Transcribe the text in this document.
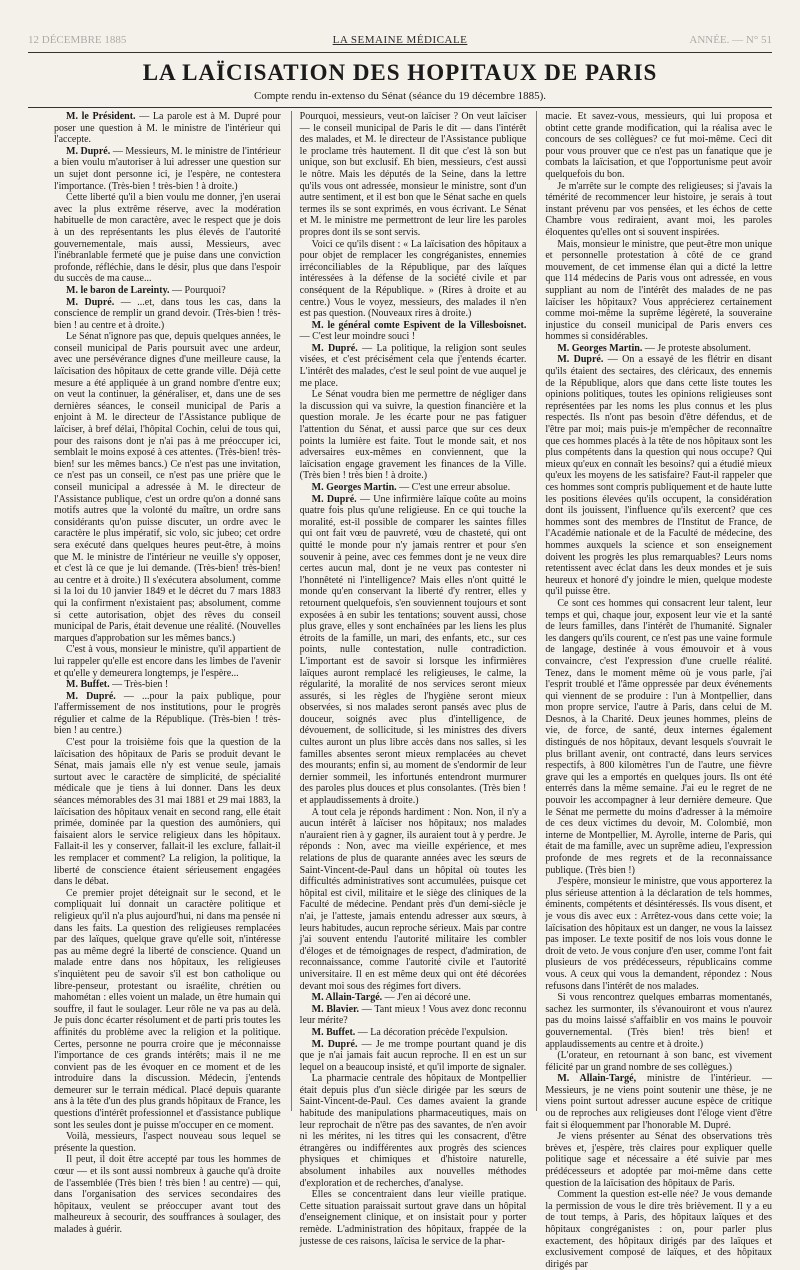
12 DÉCEMBRE 1885	LA SEMAINE MÉDICALE	ANNÉE. — N° 51
LA LAÏCISATION DES HOPITAUX DE PARIS
Compte rendu in-extenso du Sénat (séance du 19 décembre 1885).

M. le Président. — La parole est à M. Dupré pour poser une question à M. le ministre de l'intérieur qui l'accepte.

M. Dupré. — Messieurs, M. le ministre de l'intérieur a bien voulu m'autoriser à lui adresser une question sur un sujet dont personne ici, je l'espère, ne contestera l'importance. (Très-bien ! très-bien ! à droite.)

Cette liberté qu'il a bien voulu me donner, j'en userai avec la plus extrême réserve, avec la modération habituelle de mon caractère, avec le respect que je dois à un des représentants les plus élevés de l'autorité gouvernementale, mais aussi, Messieurs, avec l'inébranlable fermeté que je puise dans une conviction profonde, réfléchie, dans le désir, plus que dans l'espoir du succès de ma cause...

M. le baron de Lareinty. — Pourquoi?

M. Dupré. — ...et, dans tous les cas, dans la conscience de remplir un grand devoir. (Très-bien ! très-bien ! au centre et à droite.)

Le Sénat n'ignore pas que, depuis quelques années, le conseil municipal de Paris poursuit avec une ardeur, avec une persévérance dignes d'une meilleure cause, la laïcisation des hôpitaux de cette grande ville. Déjà cette mesure a été appliquée à un grand nombre d'entre eux; on veut la continuer, la généraliser, et, dans une de ses dernières séances, le conseil municipal de Paris a enjoint à M. le directeur de l'Assistance publique de laïciser, à bref délai, l'hôpital Cochin, celui de tous qui, pour des raisons dont je n'ai pas à me préoccuper ici, semblait le moins exposé à ces attentes. (Très-bien! très-bien! sur les mêmes bancs.) Ce n'est pas une invitation, ce n'est pas un conseil, ce n'est pas une prière que le conseil municipal a adressée à M. le directeur de l'Assistance publique, c'est un ordre qu'on a donné sans motifs autres que la volonté du maître, un ordre sans considérants qu'on puisse discuter, un ordre avec le caractère le plus impératif, sic volo, sic jubeo; cet ordre sera exécuté dans quelques heures peut-être, à moins que M. le ministre de l'intérieur ne veuille s'y opposer, et c'est là ce que je lui demande. (Très-bien! très-bien! au centre et à droite.) Il s'exécutera absolument, comme si la loi du 10 janvier 1849 et le décret du 7 mars 1883 qui la confirment n'existaient pas; absolument, comme si cette autorisation, objet des rêves du conseil municipal de Paris, était devenue une réalité. (Nouvelles marques d'approbation sur les mêmes bancs.)

C'est à vous, monsieur le ministre, qu'il appartient de lui rappeler qu'elle est encore dans les limbes de l'avenir et qu'elle y demeurera longtemps, je l'espère...

M. Buffet. — Très-bien !

M. Dupré. — ...pour la paix publique, pour l'affermissement de nos institutions, pour le progrès régulier et calme de la République. (Très-bien ! très-bien ! au centre.)

C'est pour la troisième fois que la question de la laïcisation des hôpitaux de Paris se produit devant le Sénat, mais jamais elle n'y est venue seule, jamais surtout avec le caractère de simplicité, de spécialité médicale que je tiens à lui donner. Dans les deux séances mémorables des 31 mai 1881 et 29 mai 1883, la laïcisation des hôpitaux venait en second rang, elle était primée, dominée par la question des aumôniers, qui faisaient alors le service religieux dans les hôpitaux. Fallait-il les y conserver, fallait-il les exclure, fallait-il les remplacer et comment? La religion, la politique, la liberté de conscience étaient sérieusement engagées dans le débat.

Ce premier projet déteignait sur le second, et le compliquait lui donnait un caractère politique et religieux qu'il n'a plus aujourd'hui, ni dans ma pensée ni dans les faits. La question des religieuses remplacées par des laïques, quelque grave qu'elle soit, n'intéresse pas au même degré la liberté de conscience. Quand un malade entre dans nos hôpitaux, les religieuses s'inquiètent peu de savoir s'il est bon catholique ou libre-penseur, protestant ou israélite, chrétien ou mahométan : elles voient un malade, un être humain qui souffre, il faut le soulager. Leur rôle ne va pas au delà. Je puis donc écarter résolument et de parti pris toutes les affinités du problème avec la religion et la politique. Certes, personne ne pourra croire que je méconnaisse l'importance de ces grands intérêts; mais il ne me convient pas de les évoquer en ce moment et de les introduire dans la discussion. Médecin, j'entends demeurer sur le terrain médical. Placé depuis quarante ans à la tête d'un des plus grands hôpitaux de France, les questions d'intérêt professionnel et d'assistance publique sont les seules dont je puisse m'occuper en ce moment.

Voilà, messieurs, l'aspect nouveau sous lequel se présente la question.

Il peut, il doit être accepté par tous les hommes de cœur — et ils sont aussi nombreux à gauche qu'à droite de l'assemblée (Très bien ! très bien ! au centre) — qui, dans l'organisation des services secondaires des hôpitaux, veulent se préoccuper avant tout des malheureux à secourir, des souffrances à soulager, des malades à guérir.

Pourquoi, messieurs, veut-on laïciser ? On veut laïciser — le conseil municipal de Paris le dit — dans l'intérêt des malades, et M. le directeur de l'Assistance publique le proclame très hautement. Il dit que c'est là son but unique, son but exclusif. Eh bien, messieurs, c'est aussi le nôtre. Mais les députés de la Seine, dans la lettre qu'ils vous ont adressée, monsieur le ministre, sont d'un autre sentiment, et il est bon que le Sénat sache en quels termes ils se sont exprimés, en vous écrivant. Le Sénat et M. le ministre me permettront de leur lire les paroles propres dont ils se sont servis.

Voici ce qu'ils disent : « La laïcisation des hôpitaux a pour objet de remplacer les congréganistes, ennemies irréconciliables de la République, par des laïques intéressées à la défense de la société civile et par conséquent de la République. » (Rires à droite et au centre.) Vous le voyez, messieurs, des malades il n'en est pas question. (Nouveaux rires à droite.)

M. le général comte Espivent de la Villesboisnet. — C'est leur moindre souci !

M. Dupré. — La politique, la religion sont seules visées, et c'est précisément cela que j'entends écarter. L'intérêt des malades, c'est le seul point de vue auquel je me place.

Le Sénat voudra bien me permettre de négliger dans la discussion qui va suivre, la question financière et la question morale. Je les écarte pour ne pas fatiguer l'attention du Sénat, et aussi parce que sur ces deux points la lumière est faite. Tout le monde sait, et nos adversaires eux-mêmes en conviennent, que la laïcisation engage gravement les finances de la Ville. (Très bien ! très bien ! à droite.)

M. Georges Martin. — C'est une erreur absolue.

M. Dupré. — Une infirmière laïque coûte au moins quatre fois plus qu'une religieuse. En ce qui touche la moralité, est-il possible de comparer les saintes filles qui ont fait vœu de pauvreté, vœu de chasteté, qui ont quitté le monde pour n'y jamais rentrer et pour s'en souvenir à peine, avec ces femmes dont je ne veux dire certes aucun mal, dont je ne veux pas contester ni l'honnêteté ni l'intelligence? Mais elles n'ont quitté le monde qu'en conservant la liberté d'y rentrer, elles y retournent quelquefois, s'en souviennent toujours et sont exposées à en subir les tentations; souvent aussi, chose plus grave, elles y sont enchaînées par les liens les plus étroits de la famille, un mari, des enfants, etc., sur ces points, nulle contestation, nulle contradiction. L'important est de savoir si lorsque les infirmières laïques auront remplacé les religieuses, le calme, la régularité, la moralité de nos services seront mieux assurés, si les règles de l'hygiène seront mieux observées, si nos malades seront pansés avec plus de douceur, soignés avec plus d'intelligence, de dévouement, de sollicitude, si les ministres des divers cultes auront un plus libre accès dans nos salles, si les familles absentes seront mieux remplacées au chevet des mourants; enfin si, au moment de s'endormir de leur dernier sommeil, les infortunés entendront murmurer des paroles plus douces et plus consolantes. (Très bien ! et applaudissements à droite.)

A tout cela je réponds hardiment : Non. Non, il n'y a aucun intérêt à laïciser nos hôpitaux; nos malades n'auraient rien à y gagner, ils auraient tout à y perdre. Je réponds : Non, avec ma vieille expérience, et mes relations de plus de quarante années avec les sœurs de Saint-Vincent-de-Paul dans un hôpital où toutes les difficultés administratives sont accumulées, puisque cet hôpital est civil, militaire et le siège des cliniques de la Faculté de médecine. Pendant près d'un demi-siècle je n'ai, je l'atteste, jamais entendu adresser aux sœurs, à leurs habitudes, aucun reproche sérieux. Mais par contre j'ai souvent entendu l'autorité militaire les combler d'éloges et de témoignages de respect, d'admiration, de reconnaissance, comme l'autorité civile et l'autorité universitaire. Il en est même deux qui ont été décorées devant moi sous des régimes fort divers.

M. Allain-Targé. — J'en ai décoré une.

M. Blavier. — Tant mieux ! Vous avez donc reconnu leur mérite?

M. Buffet. — La décoration précède l'expulsion.

M. Dupré. — Je me trompe pourtant quand je dis que je n'ai jamais fait aucun reproche. Il en est un sur lequel on a beaucoup insisté, et qu'il importe de signaler.

La pharmacie centrale des hôpitaux de Montpellier était depuis plus d'un siècle dirigée par les sœurs de Saint-Vincent-de-Paul. Ces dames avaient la grande habitude des manipulations pharmaceutiques, mais on leur reprochait de n'être pas des savantes, de n'en avoir ni les mérites, ni les titres qui les consacrent, d'être étrangères ou indifférentes aux progrès des sciences physiques et chimiques et d'histoire naturelle, absolument inhabiles aux nouvelles méthodes d'exploration et de recherches, d'analyse.

Elles se concentraient dans leur vieille pratique. Cette situation paraissait surtout grave dans un hôpital d'enseignement clinique, et on insistait pour y porter remède. L'administration des hôpitaux, frappée de la justesse de ces raisons, laïcisa le service de la phar-

macie. Et savez-vous, messieurs, qui lui proposa et obtint cette grande modification, qui la réalisa avec le concours de ses collègues? ce fut moi-même. Ceci dit pour vous prouver que ce n'est pas un fanatique que je combats la laïcisation, et que l'opportunisme peut avoir quelquefois du bon.

Je m'arrête sur le compte des religieuses; si j'avais la témérité de recommencer leur histoire, je serais à tout instant prévenu par vos pensées, et les échos de cette Chambre vous rediraient, avant moi, les paroles éloquentes qu'elles ont si souvent inspirées.

Mais, monsieur le ministre, que peut-être mon unique et personnelle protestation à côté de ce grand mouvement, de cet immense élan qui a dicté la lettre que 114 médecins de Paris vous ont adressée, en vous suppliant au nom de l'intérêt des malades de ne pas laïciser les hôpitaux? Vous apprécierez certainement comme moi-même la suprême légèreté, la souveraine injustice du conseil municipal de Paris envers ces hommes si considérables.

M. Georges Martin. — Je proteste absolument.

M. Dupré. — On a essayé de les flétrir en disant qu'ils étaient des sectaires, des cléricaux, des ennemis de la République, alors que dans cette liste toutes les opinions politiques, toutes les opinions religieuses sont représentées par les noms les plus connus et les plus respectés. Ils n'ont pas besoin d'être défendus, et de l'être par moi; mais puis-je m'empêcher de reconnaître que ces hommes placés à la tête de nos hôpitaux sont les plus compétents dans la question qui nous occupe? Qui mieux qu'eux en connaît les besoins? qui a étudié mieux qu'eux les moyens de les satisfaire? Faut-il rappeler que ces hommes sont compris publiquement et de haute lutte les positions élevées qu'ils occupent, la considération dont ils jouissent, l'influence qu'ils exercent? que ces hommes sont des membres de l'Institut de France, de l'Académie nationale et de la Faculté de médecine, des hommes auxquels la science et son enseignement doivent les progrès les plus remarquables? Leurs noms retentissent avec éclat dans les deux mondes et je suis heureux et honoré d'y joindre le mien, quelque modeste qu'il puisse être.

Ce sont ces hommes qui consacrent leur talent, leur temps et qui, chaque jour, exposent leur vie et la santé de leurs familles, dans l'intérêt de l'humanité. Signaler les dangers qu'ils courent, ce n'est pas une vaine formule de langage, destinée à vous émouvoir et à vous convaincre, c'est l'expression d'une cruelle réalité. Tenez, dans le moment même où je vous parle, j'ai l'esprit troublé et l'âme oppressée par deux événements qui viennent de se produire : l'un à Montpellier, dans mon propre service, l'autre à Paris, dans celui de M. Desnos, à la Charité. Deux jeunes hommes, pleins de vie, de force, de santé, deux internes également distingués de nos hôpitaux, devant lesquels s'ouvrait le plus brillant avenir, ont contracté, dans leurs services respectifs, à 800 kilomètres l'un de l'autre, une fièvre grave qui les a emportés en quelques jours. Ils ont été enterrés dans la même semaine. J'ai eu le regret de ne pouvoir les accompagner à leur dernière demeure. Que le Sénat me permette du moins d'adresser à la mémoire de ces deux victimes du devoir, M. Colombié, mon interne de Montpellier, M. Ayrolle, interne de Paris, qui était de ma famille, avec un suprême adieu, l'expression profonde de mes regrets et de la reconnaissance publique. (Très bien !)

J'espère, monsieur le ministre, que vous apporterez la plus sérieuse attention à la déclaration de tels hommes, éminents, compétents et désintéressés. Ils vous disent, et je vous dis avec eux : Arrêtez-vous dans cette voie; la laïcisation des hôpitaux est un danger, ne vous la laissez pas imposer. Le texte positif de nos lois vous donne le droit de veto. Je vous conjure d'en user, comme l'ont fait plusieurs de vos prédécesseurs, républicains comme vous. A ceux qui vous la demandent, répondez : Nous refusons dans l'intérêt de nos malades.

Si vous rencontrez quelques embarras momentanés, sachez les surmonter, ils s'évanouiront et vous n'aurez pas du moins laissé s'affaiblir en vos mains le pouvoir gouvernemental. (Très bien! très bien! et applaudissements au centre et à droite.)

(L'orateur, en retournant à son banc, est vivement félicité par un grand nombre de ses collègues.)

M. Allain-Targé, ministre de l'intérieur. — Messieurs, je ne viens point soutenir une thèse, je ne viens point surtout adresser aucune espèce de critique ou de reproches aux religieuses dont l'éloge vient d'être fait si éloquemment par l'honorable M. Dupré.

Je viens présenter au Sénat des observations très brèves et, j'espère, très claires pour expliquer quelle politique sage et nécessaire a été suivie par mes prédécesseurs et adoptée par moi-même dans cette question de la laïcisation des hôpitaux de Paris.

Comment la question est-elle née? Je vous demande la permission de vous le dire très brièvement. Il y a eu de tout temps, à Paris, des hôpitaux laïques et des hôpitaux congréganistes : on, pour parler plus exactement, des hôpitaux dirigés par des laïques et exclusivement composé de laïques, et des hôpitaux dirigés par
